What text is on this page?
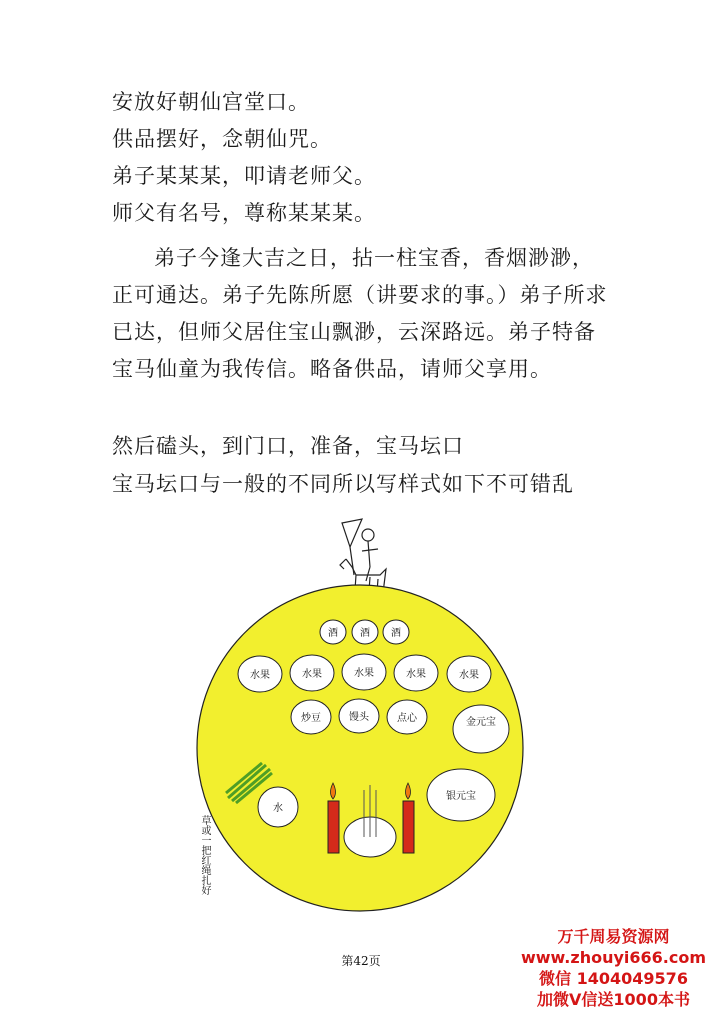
安放好朝仙宫堂口。

供品摆好，念朝仙咒。

弟子某某某，叩请老师父。

师父有名号，尊称某某某。

弟子今逢大吉之日，拈一柱宝香，香烟渺渺，正可通达。弟子先陈所愿（讲要求的事。）弟子所求已达，但师父居住宝山飘渺，云深路远。弟子特备宝马仙童为我传信。略备供品，请师父享用。

然后磕头，到门口，准备，宝马坛口

宝马坛口与一般的不同所以写样式如下不可错乱

酒 酒 酒
水果	水果	水果	水果	水果
炒豆	馒头	点心	金元宝
银元宝
水
草或一把红绳扎好
第42页
万千周易资源网
www.zhouyi666.com
微信 1404049576
加微V信送1000本书
